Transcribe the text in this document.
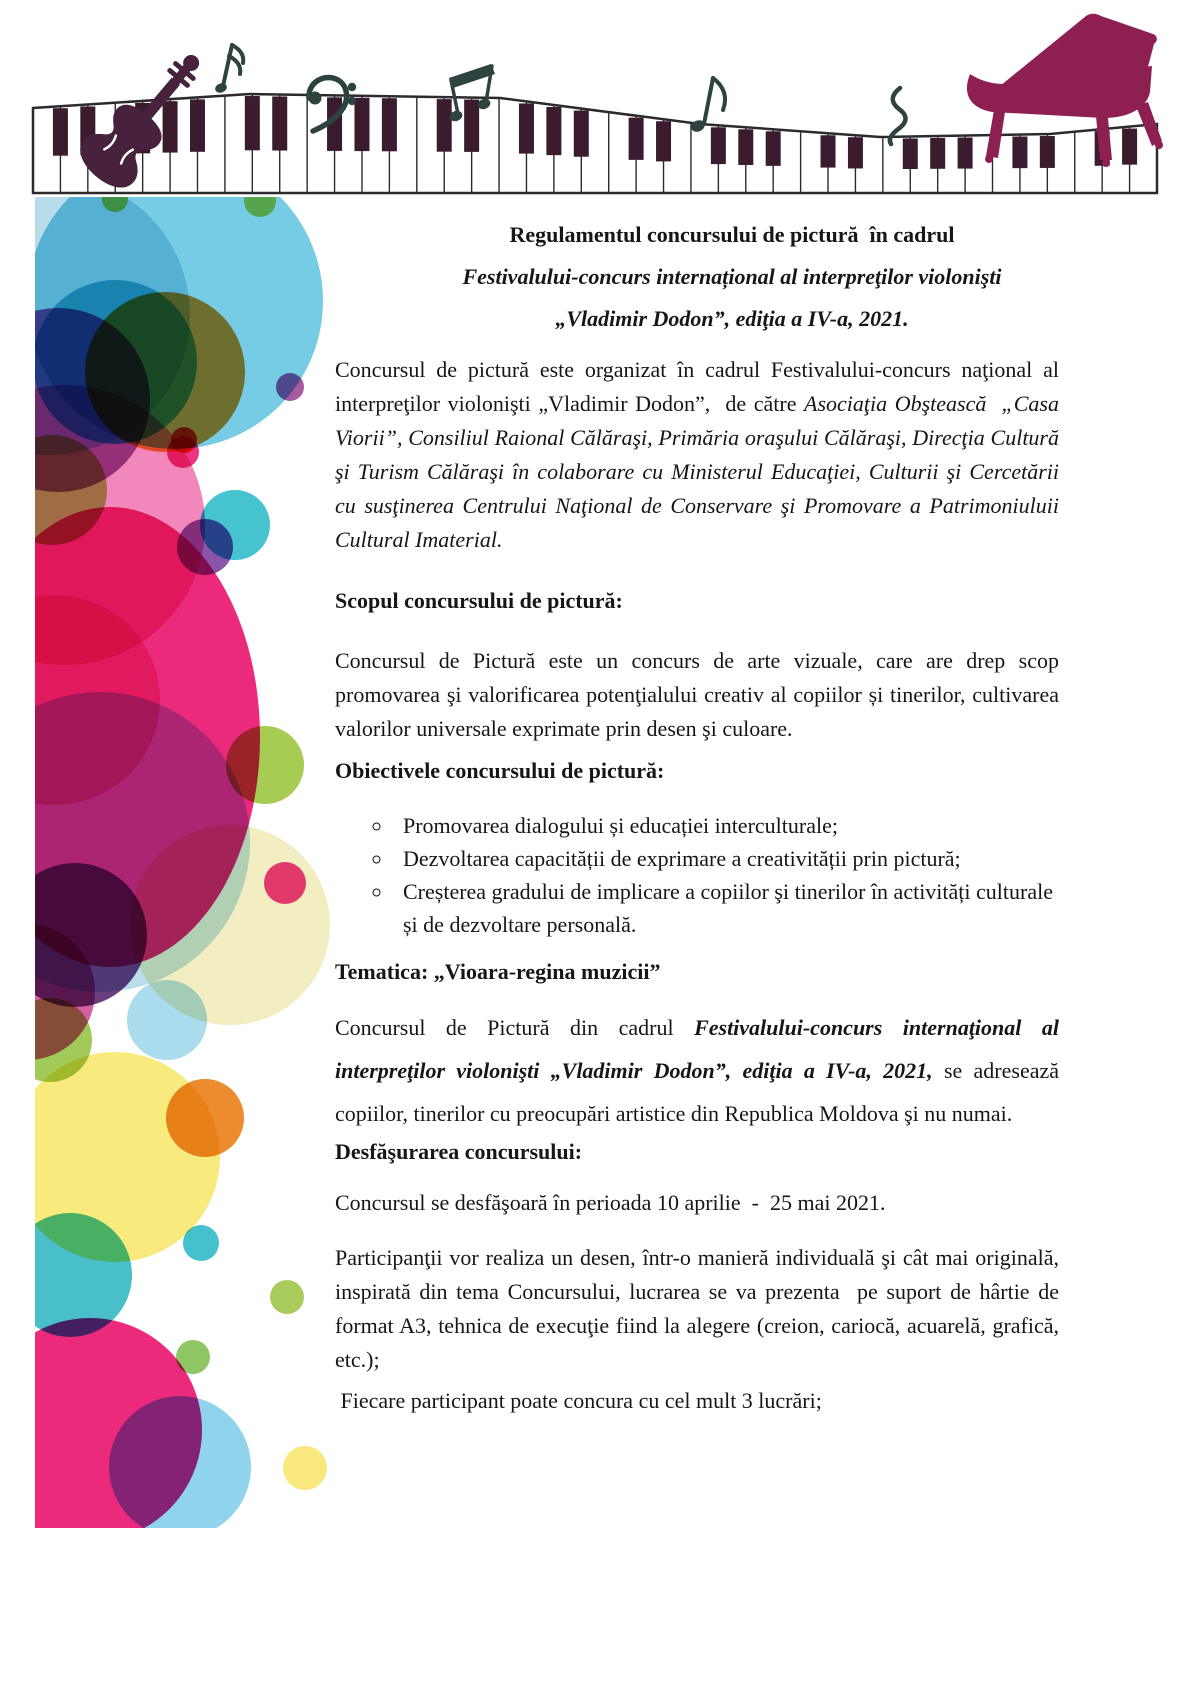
Regulamentul concursului de pictură  în cadrul

Festivalului-concurs internațional al interpreţilor violonişti

„Vladimir Dodon”, ediţia a IV-a, 2021.

Concursul de pictură este organizat în cadrul Festivalului-concurs naţional al interpreţilor violonişti „Vladimir Dodon”,  de către Asociaţia Obştească  „Casa Viorii”, Consiliul Raional Călăraşi, Primăria oraşului Călăraşi, Direcţia Cultură şi Turism Călăraşi în colaborare cu Ministerul Educaţiei, Culturii şi Cercetării cu susţinerea Centrului Naţional de Conservare şi Promovare a Patrimoniuluii Cultural Imaterial.

Scopul concursului de pictură:

Concursul de Pictură este un concurs de arte vizuale, care are drep scop promovarea şi valorificarea potenţialului creativ al copiilor și tinerilor, cultivarea valorilor universale exprimate prin desen şi culoare.

Obiectivele concursului de pictură:

◦ Promovarea dialogului și educației interculturale;
◦ Dezvoltarea capacității de exprimare a creativității prin pictură;
◦ Creșterea gradului de implicare a copiilor şi tinerilor în activități culturale și de dezvoltare personală.

Tematica: „Vioara-regina muzicii”

Concursul de Pictură din cadrul Festivalului-concurs internaţional al interpreţilor violonişti „Vladimir Dodon”, ediţia a IV-a, 2021, se adresează copiilor, tinerilor cu preocupări artistice din Republica Moldova şi nu numai.

Desfăşurarea concursului:

Concursul se desfăşoară în perioada 10 aprilie  -  25 mai 2021.

Participanţii vor realiza un desen, într-o manieră individuală şi cât mai originală, inspirată din tema Concursului, lucrarea se va prezenta  pe suport de hârtie de format A3, tehnica de execuţie fiind la alegere (creion, cariocă, acuarelă, grafică, etc.);

Fiecare participant poate concura cu cel mult 3 lucrări;
